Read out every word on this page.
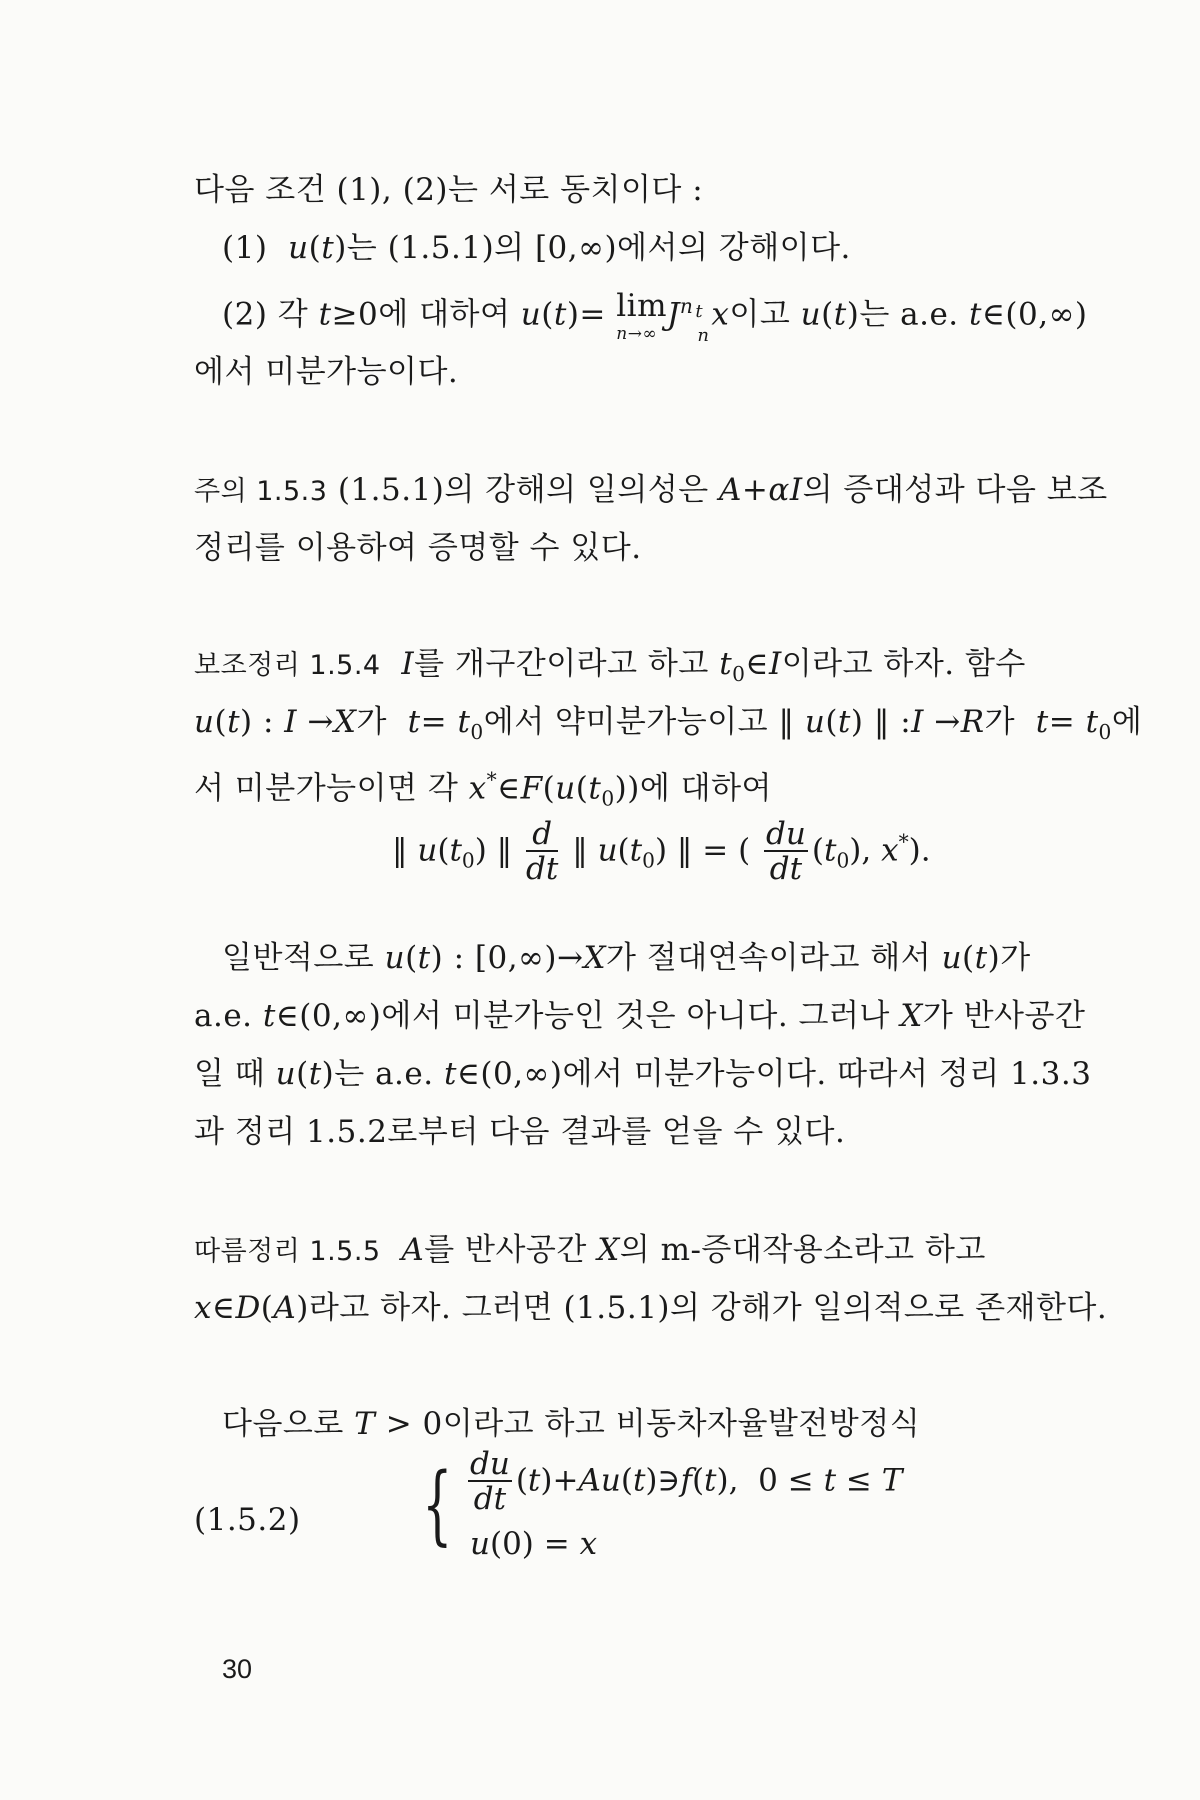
다음 조건 (1), (2)는 서로 동치이다 :
(1) u(t)는 (1.5.1)의 [0,∞)에서의 강해이다.
(2) 각 t≥0에 대하여 u(t)= lim
n→∞
$J^n$ t
n
x이고 u(t)는 a.e. t∈(0,∞)
에서 미분가능이다.
주의 1.5.3 (1.5.1)의 강해의 일의성은 A+αI의 증대성과 다음 보조
정리를 이용하여 증명할 수 있다.
보조정리 1.5.4 I를 개구간이라고 하고 $t_0\in I$이라고 하자. 함수
u(t) : I →X가 $t= t_0$에서 약미분가능이고 ‖ u(t) ‖ :I →R가 $t= t_0$에
서 미분가능이면 각 $x^*\in F(u(t_0))$에 대하여
‖ $u(t_0)$ ‖ $\frac{d}{dt}$ ‖ $u(t_0)$ ‖ = ( $\frac{du}{dt} (t_0)$, x*).
일반적으로 u(t) : [0,∞)→X가 절대연속이라고 해서 u(t)가
a.e. t∈(0,∞)에서 미분가능인 것은 아니다. 그러나 X가 반사공간
일 때 u(t)는 a.e. t∈(0,∞)에서 미분가능이다. 따라서 정리 1.3.3
과 정리 1.5.2로부터 다음 결과를 얻을 수 있다.
따름정리 1.5.5 A를 반사공간 X의 m-증대작용소라고 하고
x∈D(A)라고 하자. 그러면 (1.5.1)의 강해가 일의적으로 존재한다.
다음으로 T > 0이라고 하고 비동차자율발전방정식
(1.5.2) { $\frac{du}{dt}$ (t)+Au(t)∋f(t),  0 ≤ t ≤ T
u(0) = x
30
